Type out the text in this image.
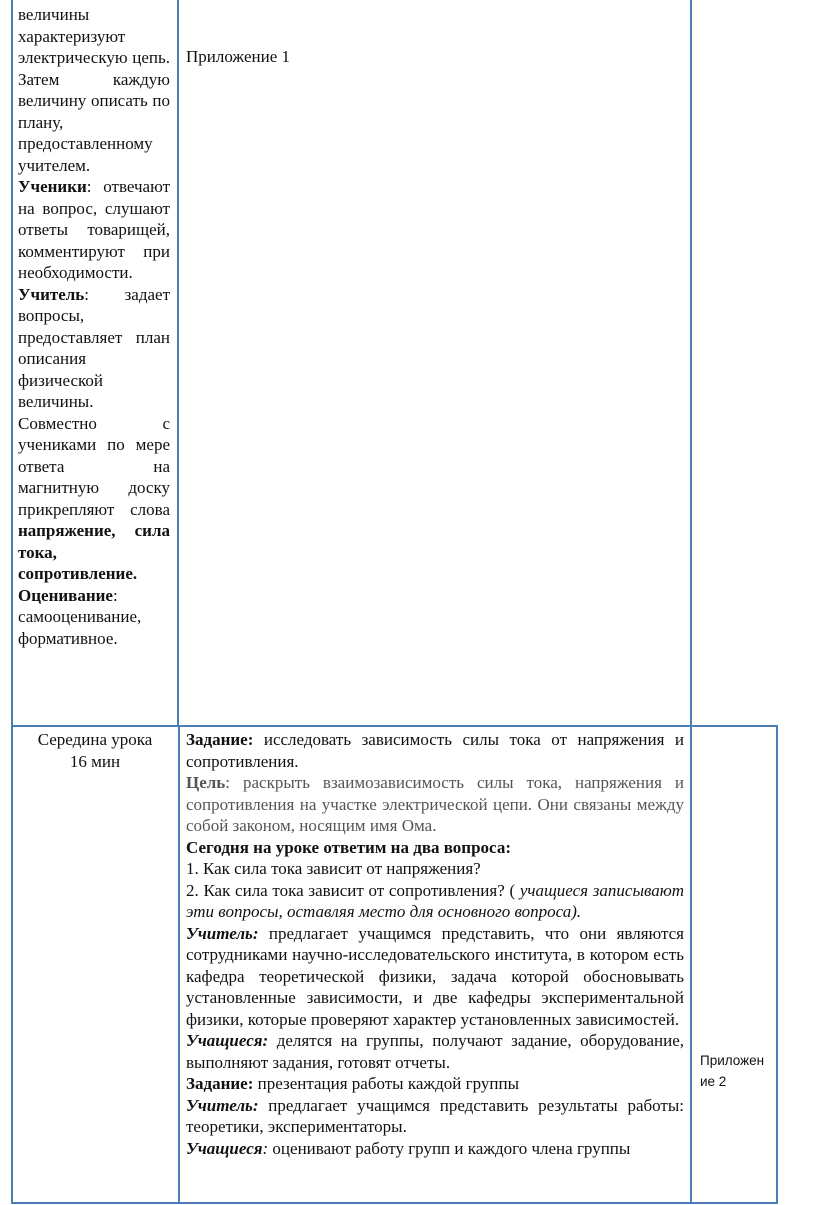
величины характеризуют электрическую цепь. Затем каждую величину описать по плану, предоставленному учителем.

Ученики: отвечают на вопрос, слушают ответы товарищей, комментируют при необходимости.

Учитель: задает вопросы, предоставляет план описания физической величины. Совместно с учениками по мере ответа на магнитную доску прикрепляют слова напряжение, сила тока, сопротивление.

Оценивание: самооценивание, формативное.

Приложение 1
Середина урока
16 мин

Задание: исследовать зависимость силы тока от напряжения и сопротивления.

Цель: раскрыть взаимозависимость силы тока, напряжения и сопротивления на участке электрической цепи. Они связаны между собой законом, носящим имя Ома.

Сегодня на уроке ответим на два вопроса:

1. Как сила тока зависит от напряжения?

2. Как сила тока зависит от сопротивления? ( учащиеся записывают эти вопросы, оставляя место для основного вопроса).

Учитель: предлагает учащимся представить, что они являются сотрудниками научно-исследовательского института, в котором есть кафедра теоретической физики, задача которой обосновывать установленные зависимости, и две кафедры экспериментальной физики, которые проверяют характер установленных зависимостей.

Учащиеся: делятся на группы, получают задание, оборудование, выполняют задания, готовят отчеты.

Задание: презентация работы каждой группы

Учитель: предлагает учащимся представить результаты работы: теоретики, экспериментаторы.

Учащиеся: оценивают работу групп и каждого члена группы

Приложение 2
